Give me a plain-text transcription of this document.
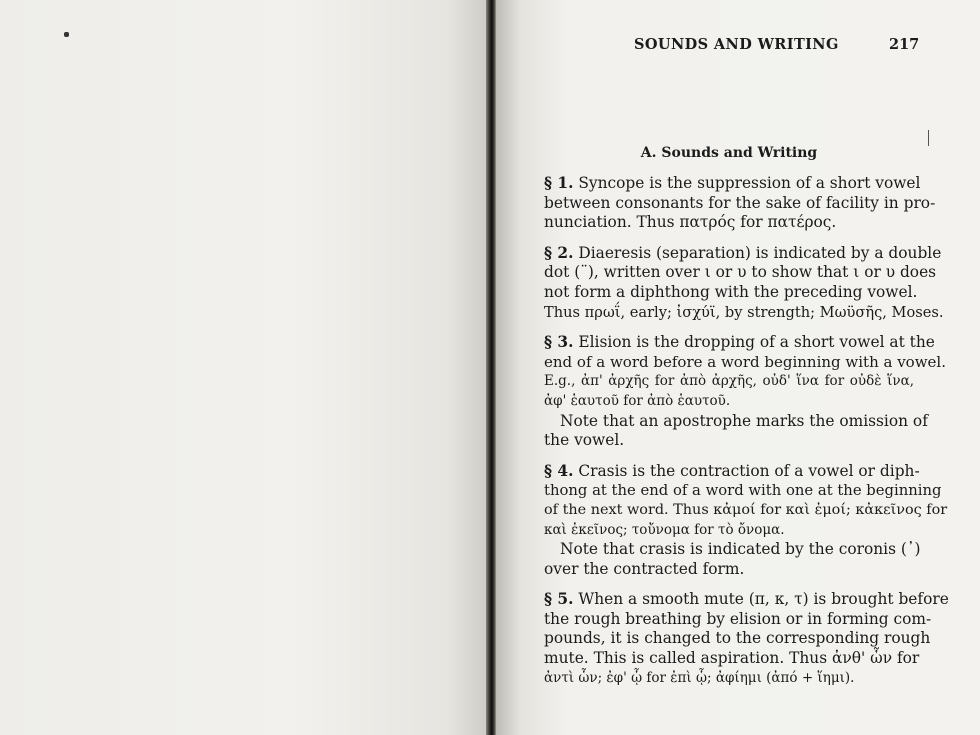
SOUNDS AND WRITING	217
A. Sounds and Writing
§ 1. Syncope is the suppression of a short vowel
between consonants for the sake of facility in pro-
nunciation. Thus πατρός for πατέρος.
§ 2. Diaeresis (separation) is indicated by a double
dot (¨), written over ι or υ to show that ι or υ does
not form a diphthong with the preceding vowel.
Thus πρωΐ, early; ἰσχύϊ, by strength; Μωϋσῆς, Moses.
§ 3. Elision is the dropping of a short vowel at the
end of a word before a word beginning with a vowel.
E.g., ἀπ' ἀρχῆς for ἀπὸ ἀρχῆς, οὐδ' ἵνα for οὐδὲ ἵνα,
ἀφ' ἑαυτοῦ for ἀπὸ ἑαυτοῦ.
Note that an apostrophe marks the omission of
the vowel.
§ 4. Crasis is the contraction of a vowel or diph-
thong at the end of a word with one at the beginning
of the next word. Thus κἀμοί for καὶ ἐμοί; κἀκεῖνος for
καὶ ἐκεῖνος; τοὔνομα for τὸ ὄνομα.
Note that crasis is indicated by the coronis (᾽)
over the contracted form.
§ 5. When a smooth mute (π, κ, τ) is brought before
the rough breathing by elision or in forming com-
pounds, it is changed to the corresponding rough
mute. This is called aspiration. Thus ἀνθ' ὧν for
ἀντὶ ὧν; ἐφ' ᾧ for ἐπὶ ᾧ; ἀφίημι (ἀπό + ἵημι).
